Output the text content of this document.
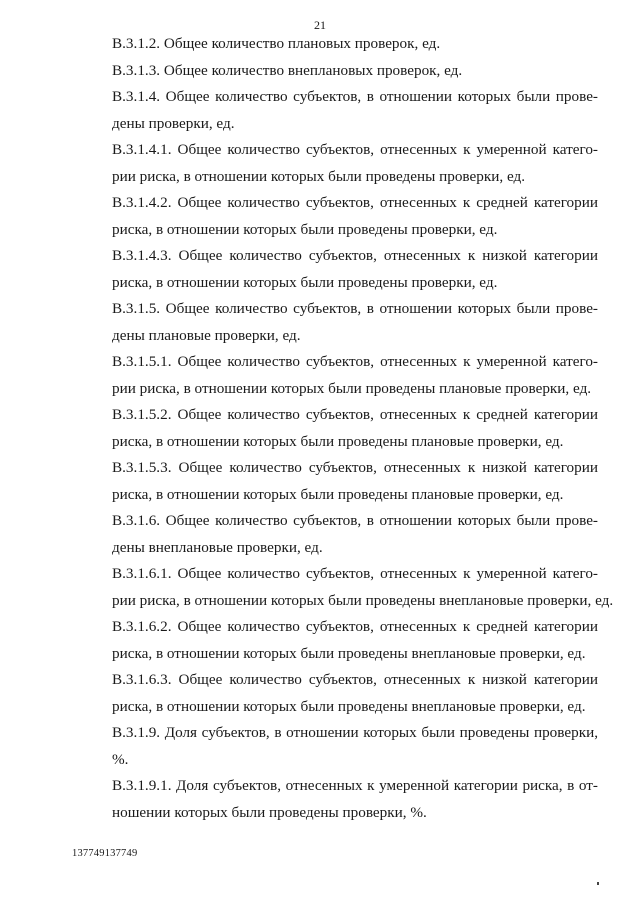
21

В.3.1.2. Общее количество плановых проверок, ед.

В.3.1.3. Общее количество внеплановых проверок, ед.

В.3.1.4. Общее количество субъектов, в отношении которых были прове-
дены проверки, ед.

В.3.1.4.1. Общее количество субъектов, отнесенных к умеренной катего-
рии риска, в отношении которых были проведены проверки, ед.

В.3.1.4.2. Общее количество субъектов, отнесенных к средней категории
риска, в отношении которых были проведены проверки, ед.

В.3.1.4.3. Общее количество субъектов, отнесенных к низкой категории
риска, в отношении которых были проведены проверки, ед.

В.3.1.5. Общее количество субъектов, в отношении которых были прове-
дены плановые проверки, ед.

В.3.1.5.1. Общее количество субъектов, отнесенных к умеренной катего-
рии риска, в отношении которых были проведены плановые проверки, ед.

В.3.1.5.2. Общее количество субъектов, отнесенных к средней категории
риска, в отношении которых были проведены плановые проверки, ед.

В.3.1.5.3. Общее количество субъектов, отнесенных к низкой категории
риска, в отношении которых были проведены плановые проверки, ед.

В.3.1.6. Общее количество субъектов, в отношении которых были прове-
дены внеплановые проверки, ед.

В.3.1.6.1. Общее количество субъектов, отнесенных к умеренной катего-
рии риска, в отношении которых были проведены внеплановые проверки, ед.

В.3.1.6.2. Общее количество субъектов, отнесенных к средней категории
риска, в отношении которых были проведены внеплановые проверки, ед.

В.3.1.6.3. Общее количество субъектов, отнесенных к низкой категории
риска, в отношении которых были проведены внеплановые проверки, ед.

В.3.1.9. Доля субъектов, в отношении которых были проведены проверки,
%.

В.3.1.9.1. Доля субъектов, отнесенных к умеренной категории риска, в от-
ношении которых были проведены проверки, %.

137749137749
